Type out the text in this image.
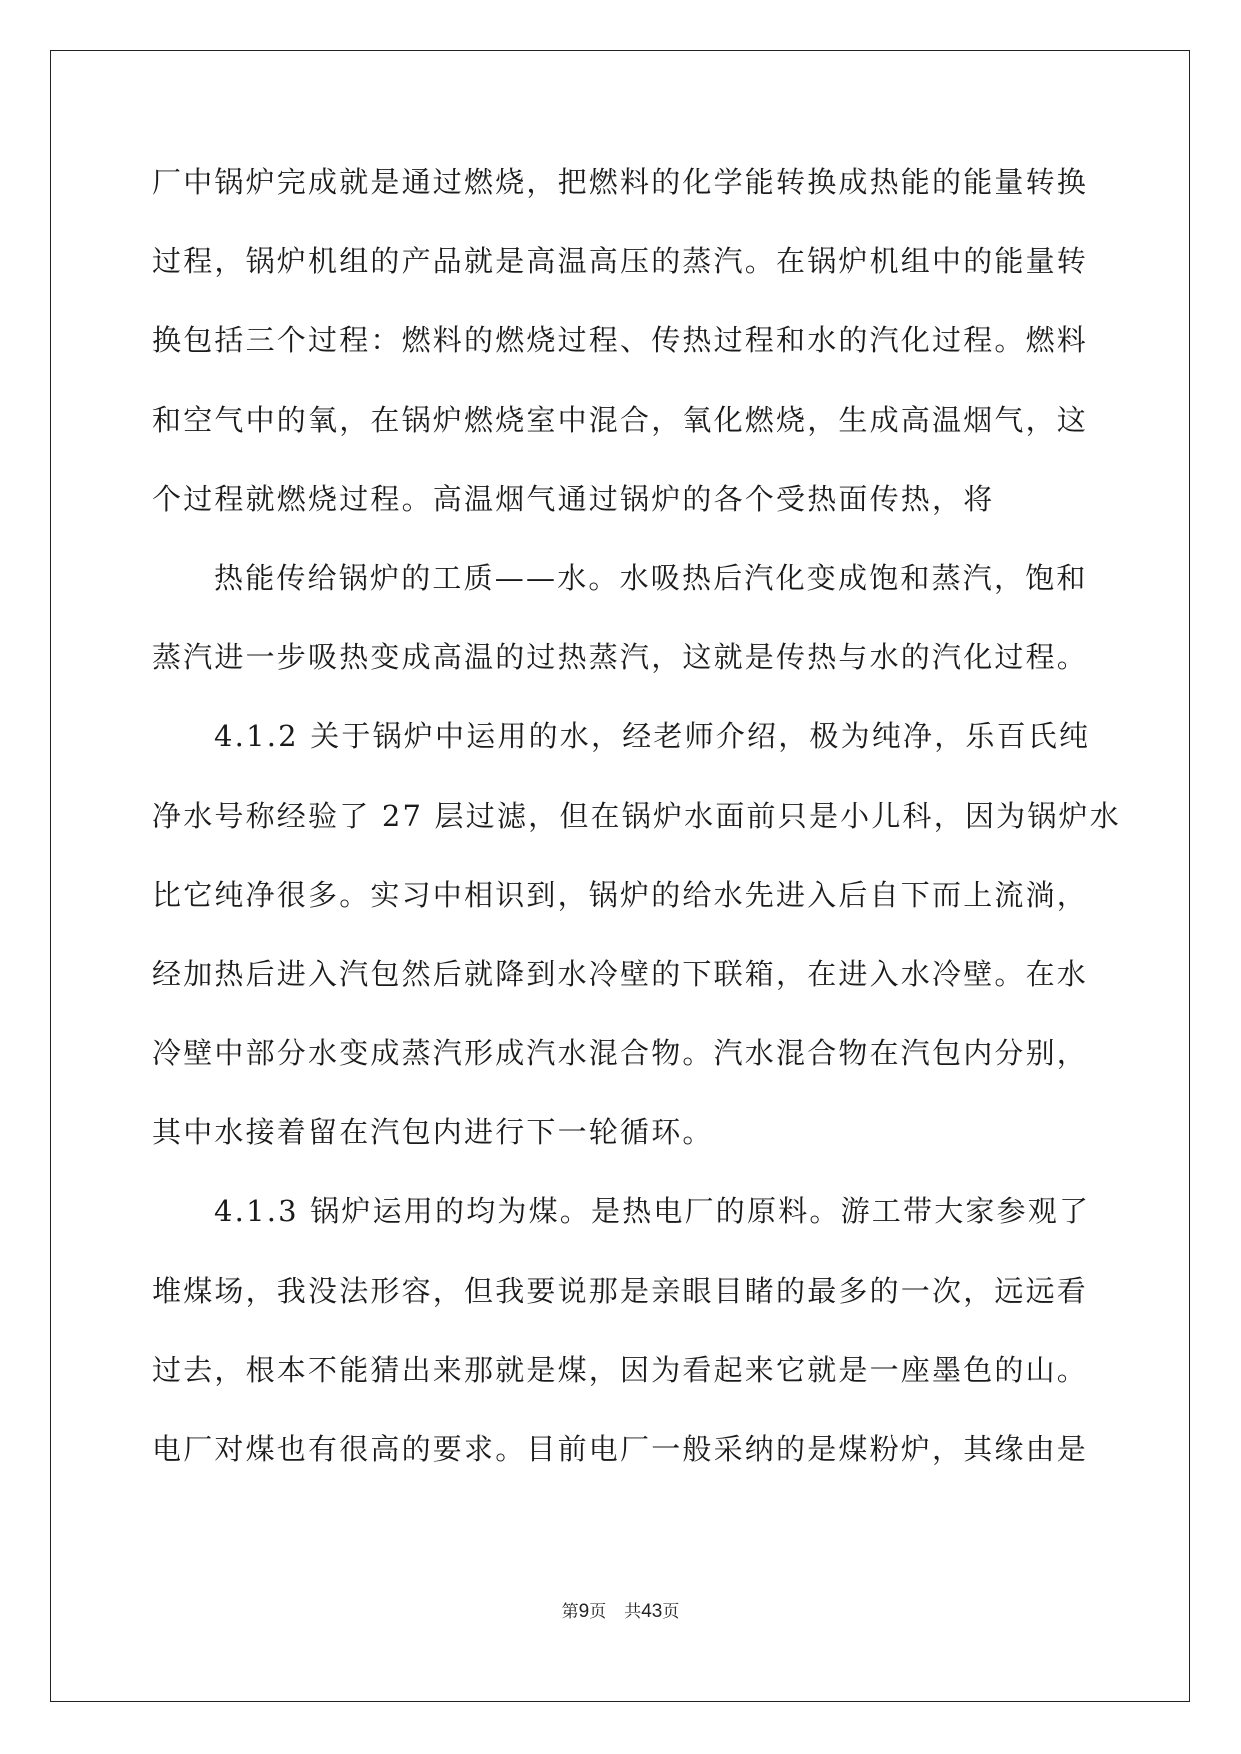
厂中锅炉完成就是通过燃烧，把燃料的化学能转换成热能的能量转换
过程，锅炉机组的产品就是高温高压的蒸汽。在锅炉机组中的能量转
换包括三个过程：燃料的燃烧过程、传热过程和水的汽化过程。燃料
和空气中的氧，在锅炉燃烧室中混合，氧化燃烧，生成高温烟气，这
个过程就燃烧过程。高温烟气通过锅炉的各个受热面传热，将
热能传给锅炉的工质——水。水吸热后汽化变成饱和蒸汽，饱和
蒸汽进一步吸热变成高温的过热蒸汽，这就是传热与水的汽化过程。
4.1.2 关于锅炉中运用的水，经老师介绍，极为纯净，乐百氏纯
净水号称经验了 27 层过滤，但在锅炉水面前只是小儿科，因为锅炉水
比它纯净很多。实习中相识到，锅炉的给水先进入后自下而上流淌，
经加热后进入汽包然后就降到水冷壁的下联箱，在进入水冷壁。在水
冷壁中部分水变成蒸汽形成汽水混合物。汽水混合物在汽包内分别，
其中水接着留在汽包内进行下一轮循环。
4.1.3 锅炉运用的均为煤。是热电厂的原料。游工带大家参观了
堆煤场，我没法形容，但我要说那是亲眼目睹的最多的一次，远远看
过去，根本不能猜出来那就是煤，因为看起来它就是一座墨色的山。
电厂对煤也有很高的要求。目前电厂一般采纳的是煤粉炉，其缘由是
第9页 共43页
